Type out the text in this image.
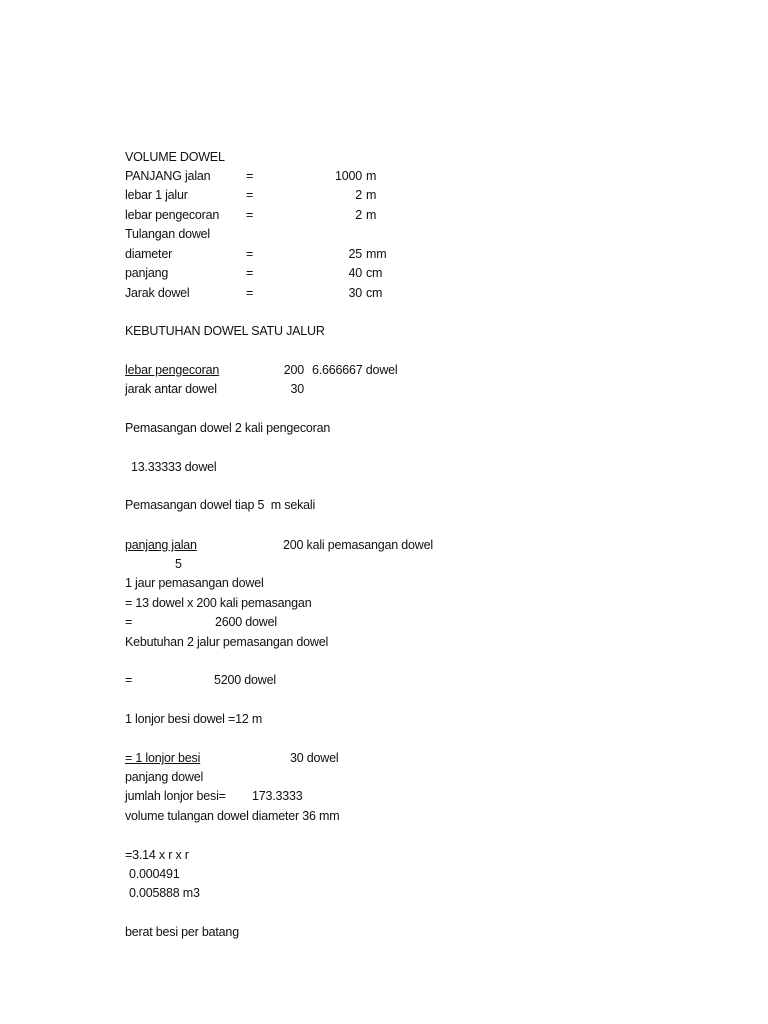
VOLUME DOWEL
PANJANG jalan	=	1000 m
lebar 1 jalur	=	2 m
lebar pengecoran =	2 m
Tulangan dowel
diameter	=	25 mm
panjang	=	40 cm
Jarak dowel	=	30 cm
KEBUTUHAN DOWEL SATU JALUR
lebar pengecoran	200 6.666667 dowel
jarak antar dowel	30
Pemasangan dowel 2 kali pengecoran
13.33333 dowel
Pemasangan dowel tiap 5  m sekali
panjang jalan	200 kali pemasangan dowel
5
1 jaur pemasangan dowel
= 13 dowel x 200 kali pemasangan
=	2600 dowel
Kebutuhan 2 jalur pemasangan dowel
=	5200 dowel
1 lonjor besi dowel =12 m
= 1 lonjor besi	30 dowel
panjang dowel
jumlah lonjor besi= 173.3333
volume tulangan dowel diameter 36 mm
=3.14 x r x r
0.000491
0.005888 m3
berat besi per batang
